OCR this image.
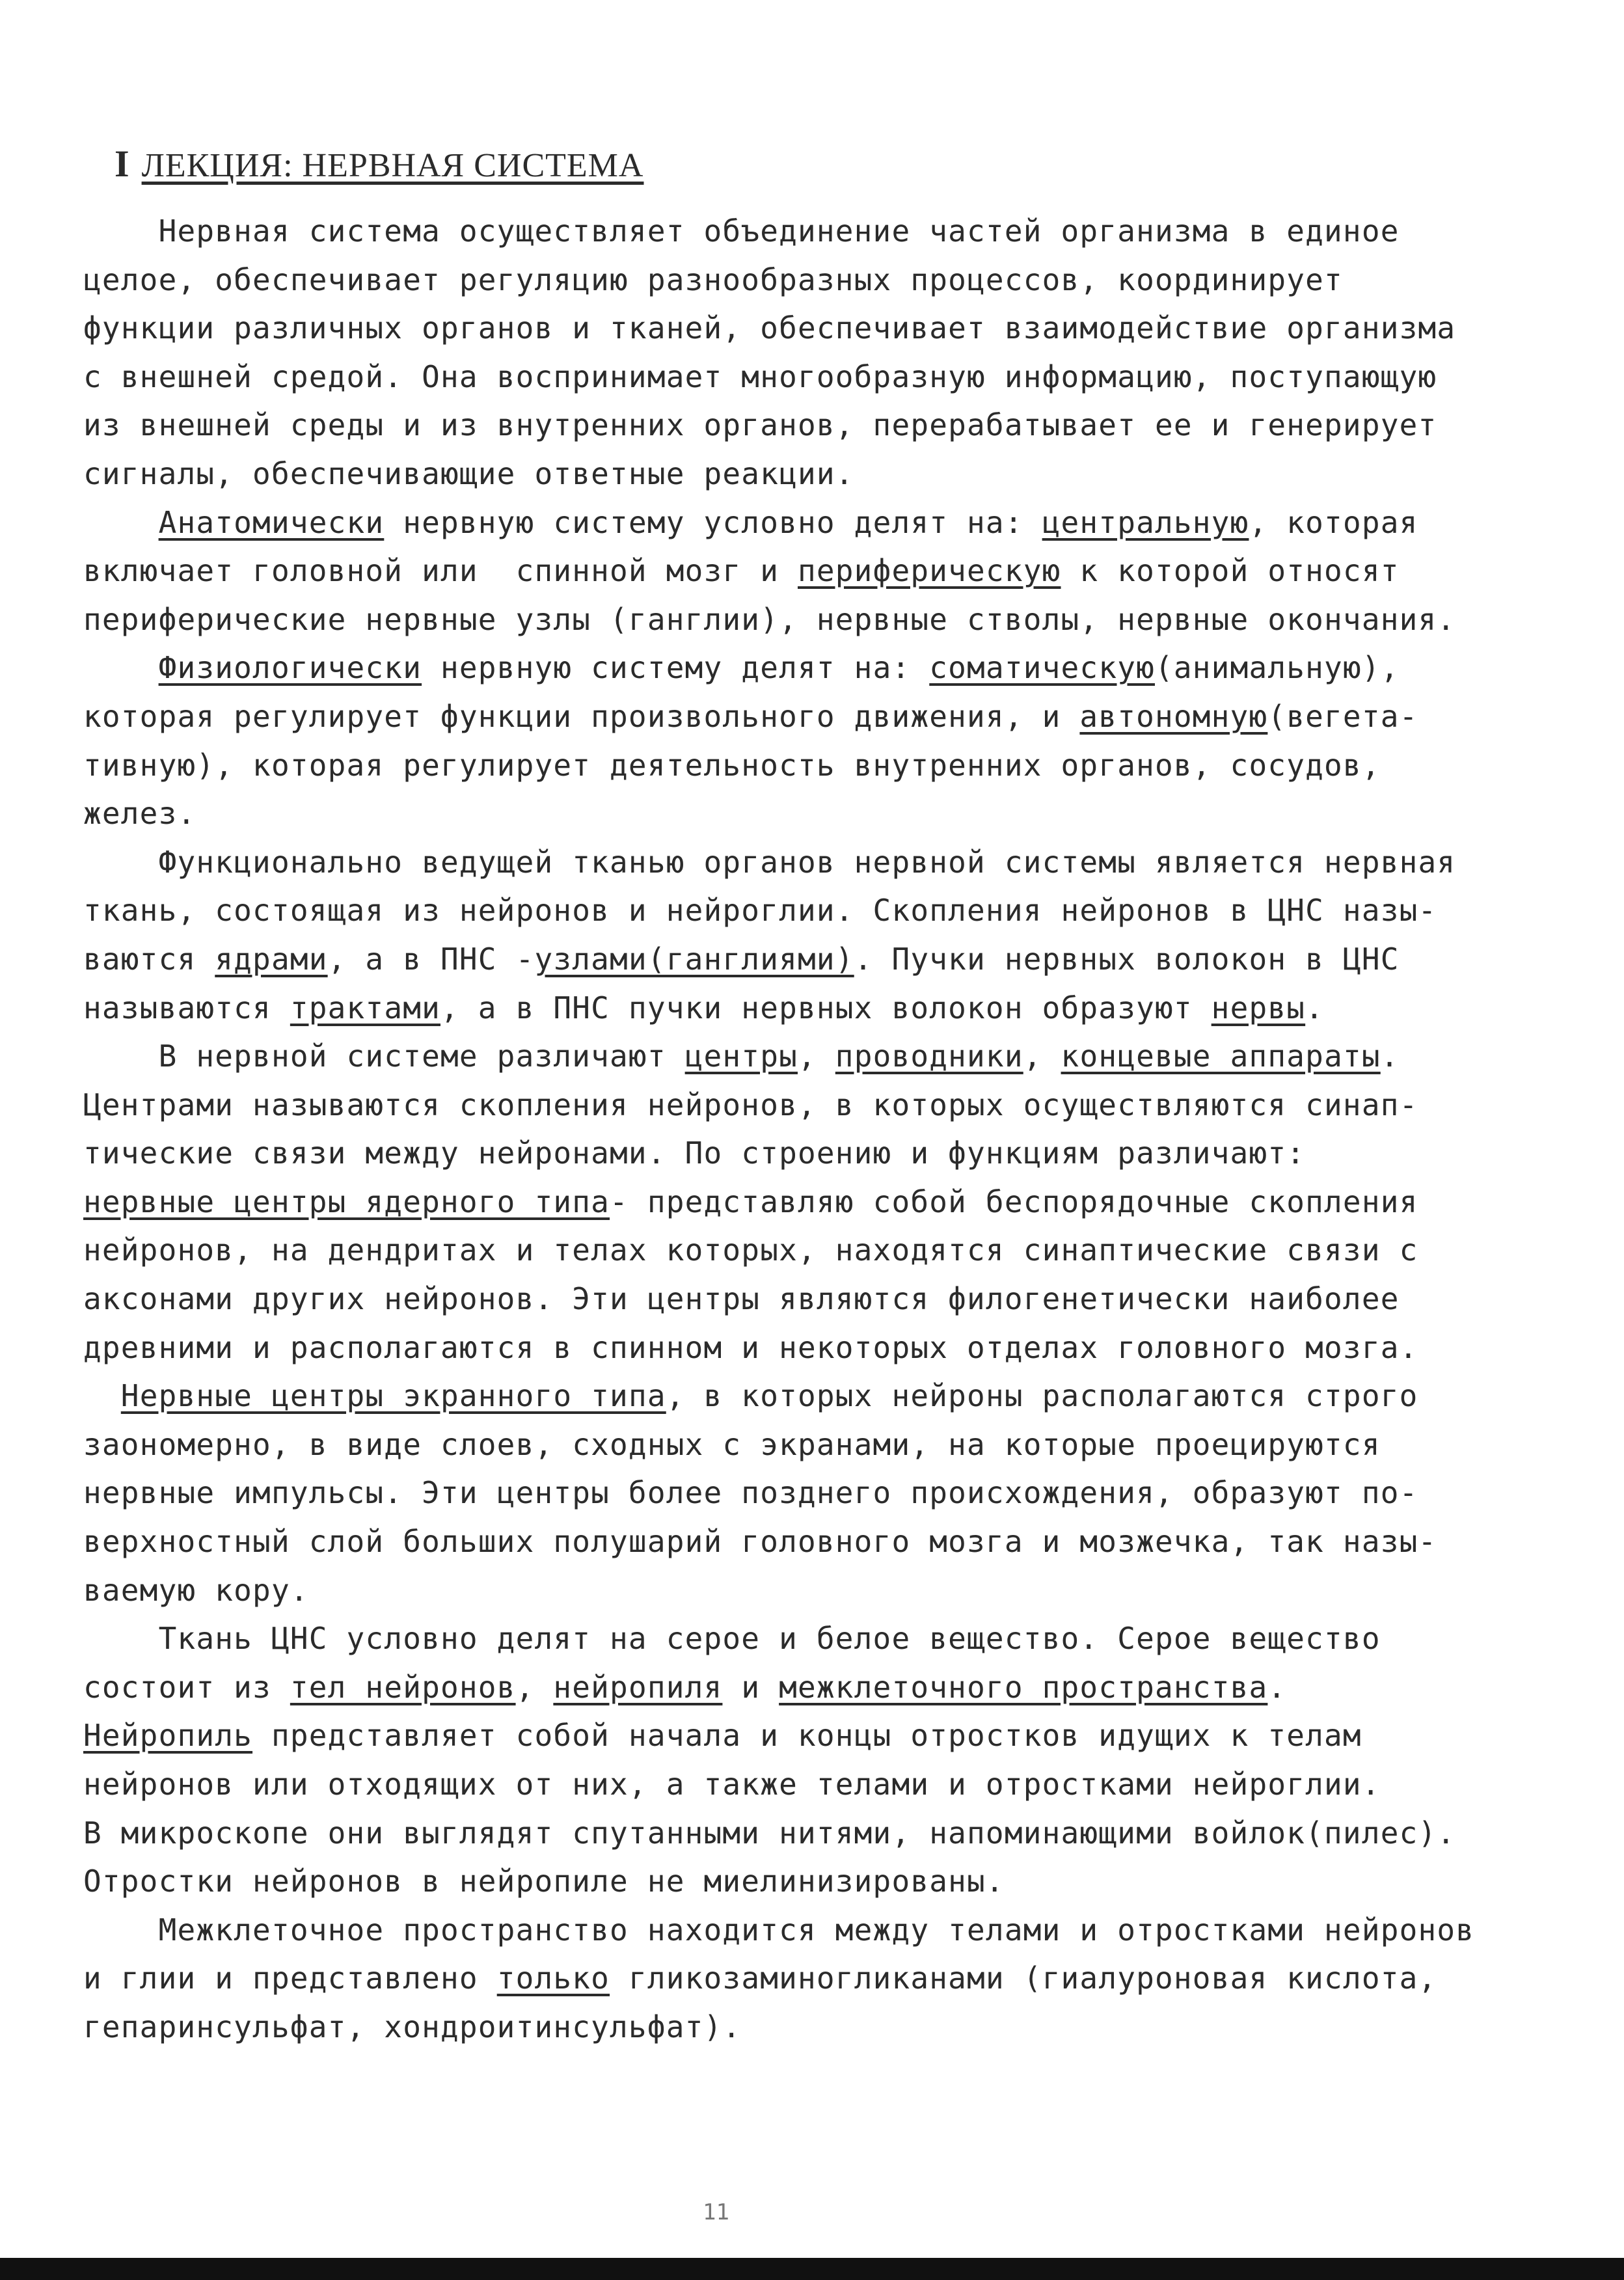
I ЛЕКЦИЯ: НЕРВНАЯ СИСТЕМА
Нервная система осуществляет объединение частей организма в единое
целое, обеспечивает регуляцию разнообразных процессов, координирует
функции различных органов и тканей, обеспечивает взаимодействие организма
с внешней средой. Она воспринимает многообразную информацию, поступающую
из внешней среды и из внутренних органов, перерабатывает ее и генерирует
сигналы, обеспечивающие ответные реакции.
Анатомически нервную систему условно делят на: центральную, которая
включает головной или  спинной мозг и периферическую к которой относят
периферические нервные узлы (ганглии), нервные стволы, нервные окончания.
Физиологически нервную систему делят на: соматическую(анимальную),
которая регулирует функции произвольного движения, и автономную(вегета-
тивную), которая регулирует деятельность внутренних органов, сосудов,
желез.
Функционально ведущей тканью органов нервной системы является нервная
ткань, состоящая из нейронов и нейроглии. Скопления нейронов в ЦНС назы-
ваются ядрами, а в ПНС -узлами(ганглиями). Пучки нервных волокон в ЦНС
называются трактами, а в ПНС пучки нервных волокон образуют нервы.
В нервной системе различают центры, проводники, концевые аппараты.
Центрами называются скопления нейронов, в которых осуществляются синап-
тические связи между нейронами. По строению и функциям различают:
нервные центры ядерного типа- представляю собой беспорядочные скопления
нейронов, на дендритах и телах которых, находятся синаптические связи с
аксонами других нейронов. Эти центры являются филогенетически наиболее
древними и располагаются в спинном и некоторых отделах головного мозга.
Нервные центры экранного типа, в которых нейроны располагаются строго
заономерно, в виде слоев, сходных с экранами, на которые проецируются
нервные импульсы. Эти центры более позднего происхождения, образуют по-
верхностный слой больших полушарий головного мозга и мозжечка, так назы-
ваемую кору.
Ткань ЦНС условно делят на серое и белое вещество. Серое вещество
состоит из тел нейронов, нейропиля и межклеточного пространства.
Нейропиль представляет собой начала и концы отростков идущих к телам
нейронов или отходящих от них, а также телами и отростками нейроглии.
В микроскопе они выглядят спутанными нитями, напоминающими войлок(пилес).
Отростки нейронов в нейропиле не миелинизированы.
Межклеточное пространство находится между телами и отростками нейронов
и глии и представлено только гликозаминогликанами (гиалуроновая кислота,
гепаринсульфат, хондроитинсульфат).
11
